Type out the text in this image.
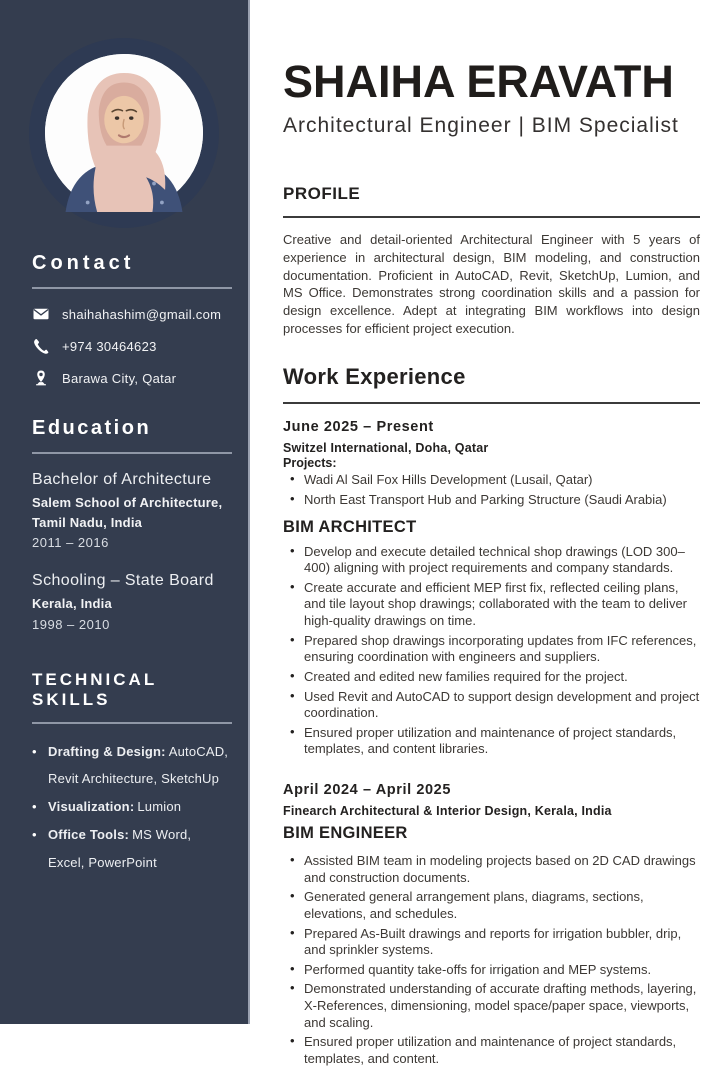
Contact
shaihahashim@gmail.com
+974 30464623
Barawa City, Qatar
Education
Bachelor of Architecture
Salem School of Architecture, Tamil Nadu, India
2011 – 2016
Schooling – State Board
Kerala, India
1998 – 2010
TECHNICAL SKILLS
• Drafting & Design: AutoCAD, Revit Architecture, SketchUp
• Visualization: Lumion
• Office Tools: MS Word, Excel, PowerPoint
SHAIHA ERAVATH
Architectural Engineer | BIM Specialist
PROFILE

Creative and detail-oriented Architectural Engineer with 5 years of experience in architectural design, BIM modeling, and construction documentation. Proficient in AutoCAD, Revit, SketchUp, Lumion, and MS Office. Demonstrates strong coordination skills and a passion for design excellence. Adept at integrating BIM workflows into design processes for efficient project execution.

Work Experience
June 2025 – Present
Switzel International, Doha, Qatar
Projects:
• Wadi Al Sail Fox Hills Development (Lusail, Qatar)
• North East Transport Hub and Parking Structure (Saudi Arabia)
BIM ARCHITECT
• Develop and execute detailed technical shop drawings (LOD 300–400) aligning with project requirements and company standards.
• Create accurate and efficient MEP first fix, reflected ceiling plans, and tile layout shop drawings; collaborated with the team to deliver high-quality drawings on time.
• Prepared shop drawings incorporating updates from IFC references, ensuring coordination with engineers and suppliers.
• Created and edited new families required for the project.
• Used Revit and AutoCAD to support design development and project coordination.
• Ensured proper utilization and maintenance of project standards, templates, and content libraries.
April 2024 – April 2025
Finearch Architectural & Interior Design, Kerala, India
BIM ENGINEER
• Assisted BIM team in modeling projects based on 2D CAD drawings and construction documents.
• Generated general arrangement plans, diagrams, sections, elevations, and schedules.
• Prepared As-Built drawings and reports for irrigation bubbler, drip, and sprinkler systems.
• Performed quantity take-offs for irrigation and MEP systems.
• Demonstrated understanding of accurate drafting methods, layering, X-References, dimensioning, model space/paper space, viewports, and scaling.
• Ensured proper utilization and maintenance of project standards, templates, and content.
